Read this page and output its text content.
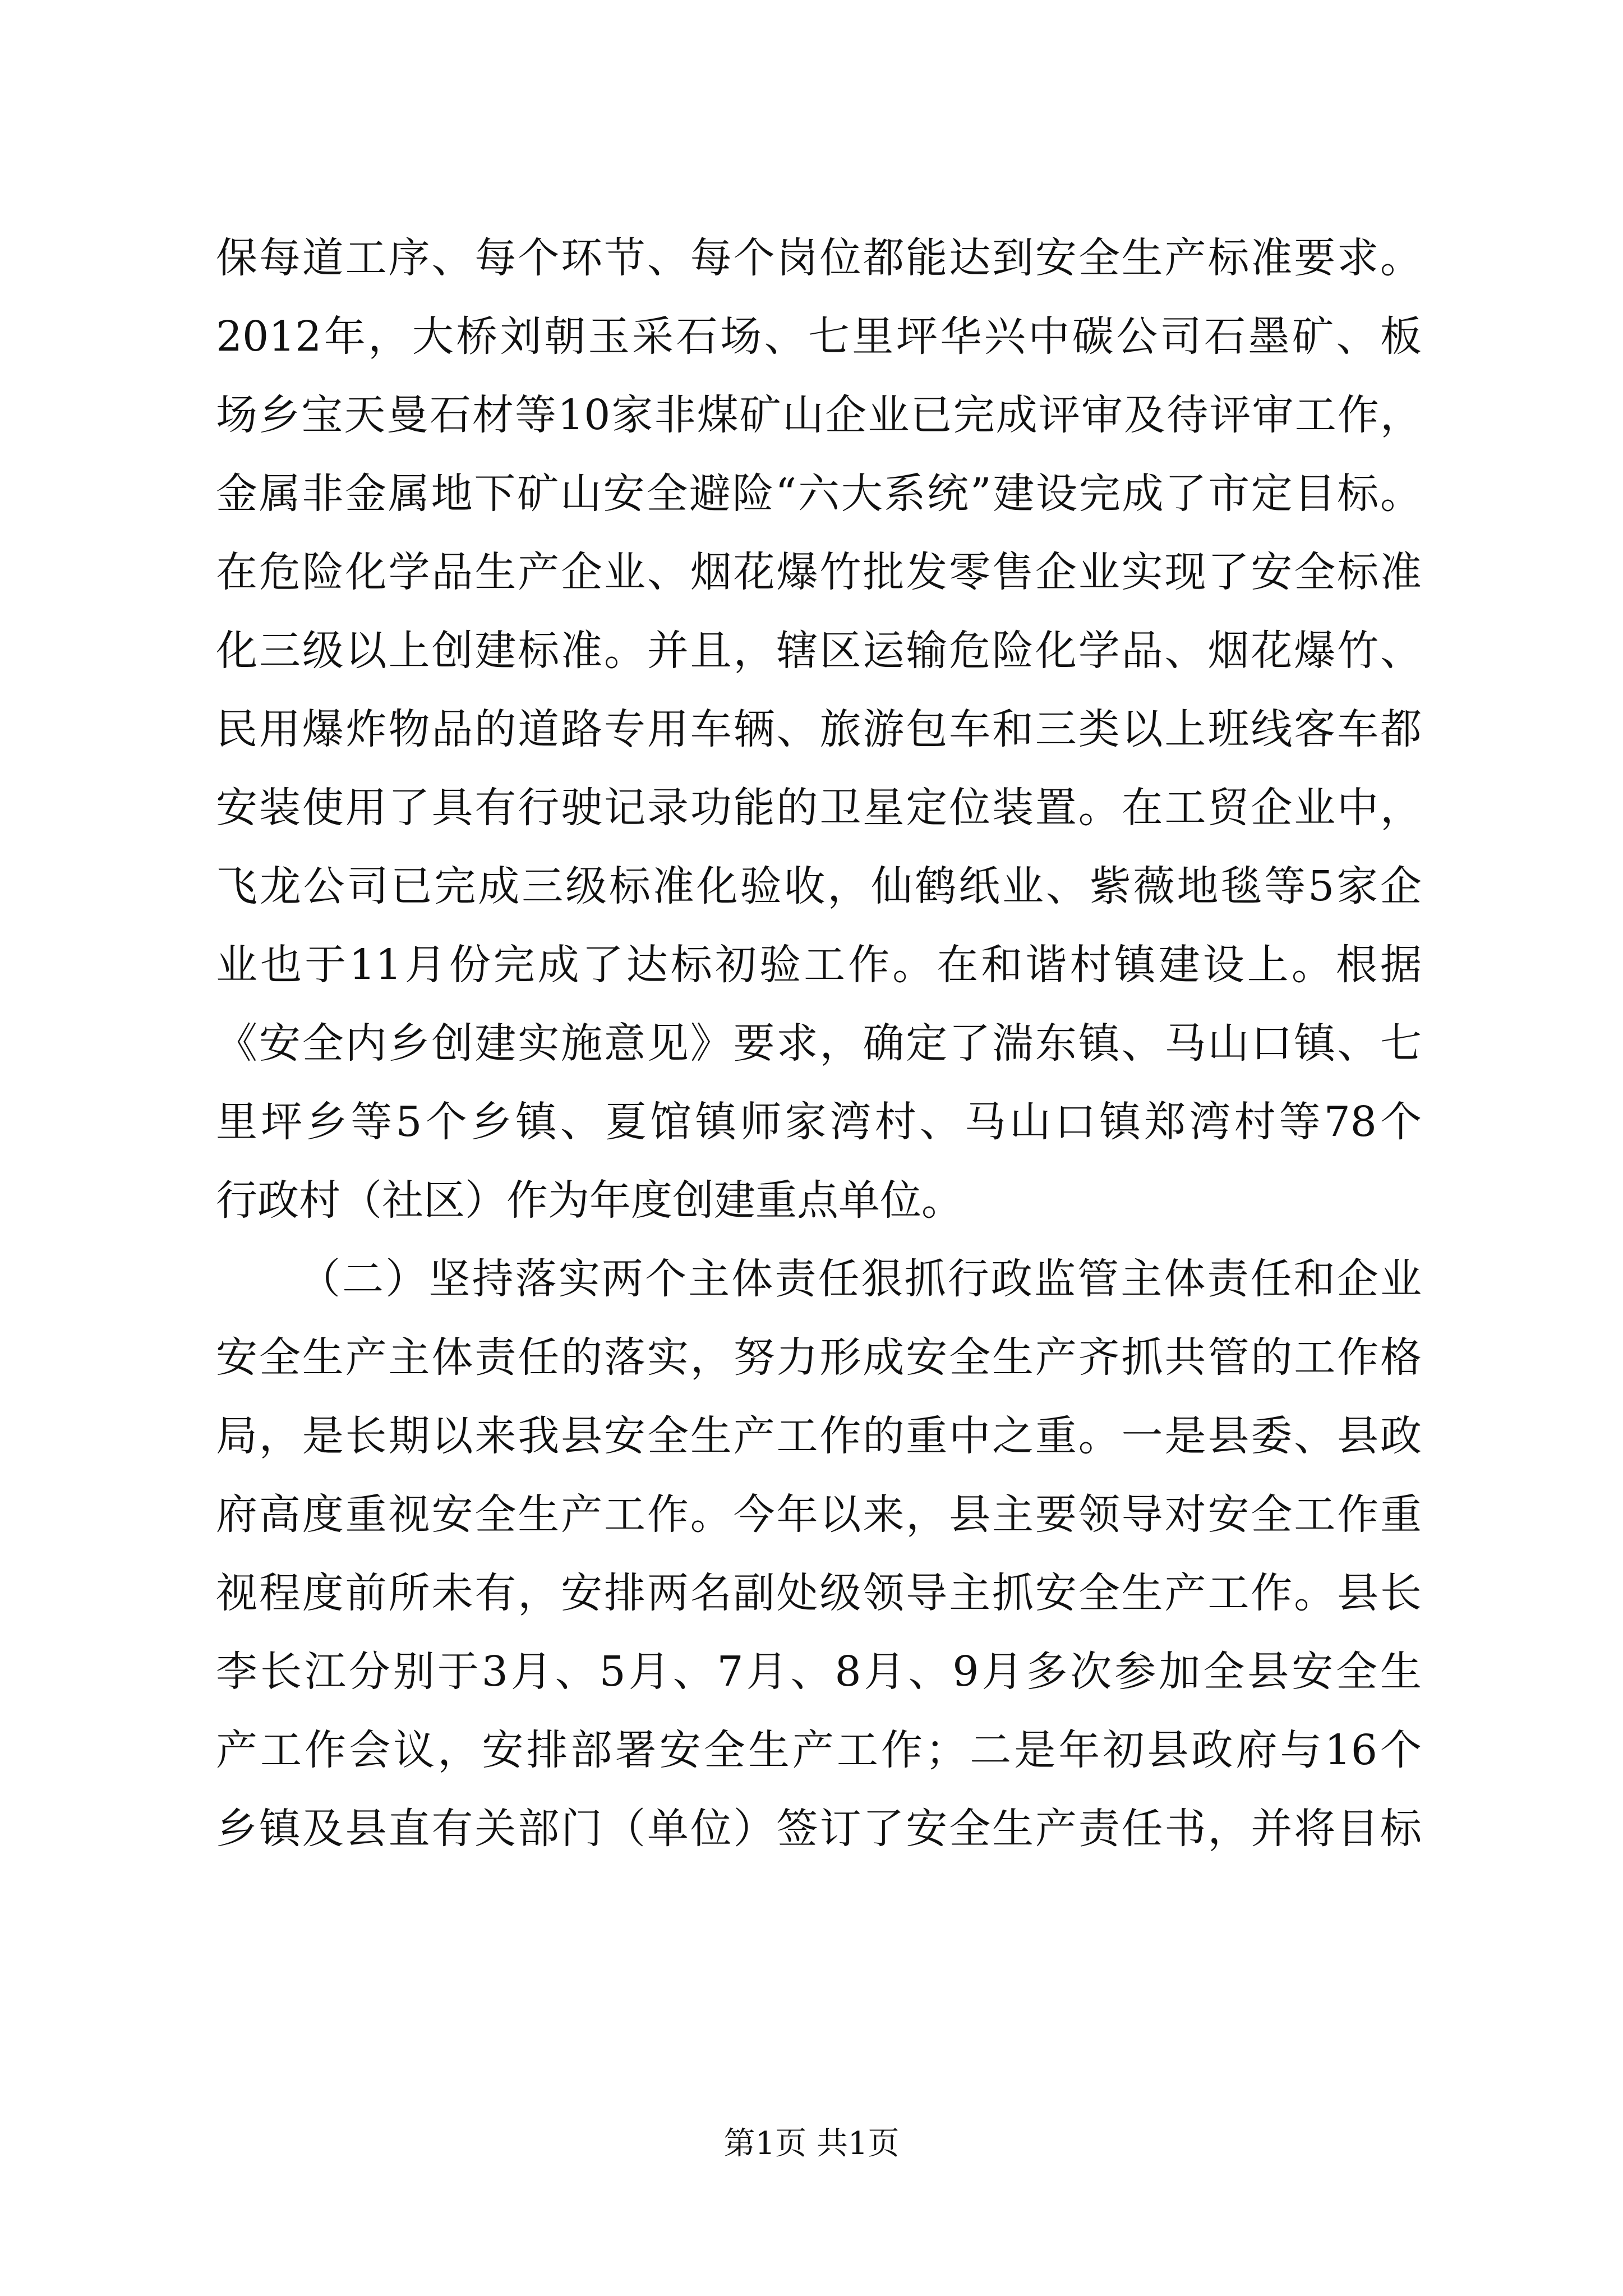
保每道工序、每个环节、每个岗位都能达到安全生产标准要求。
2012年，大桥刘朝玉采石场、七里坪华兴中碳公司石墨矿、板
场乡宝天曼石材等10家非煤矿山企业已完成评审及待评审工作，
金属非金属地下矿山安全避险“六大系统”建设完成了市定目标。
在危险化学品生产企业、烟花爆竹批发零售企业实现了安全标准
化三级以上创建标准。并且，辖区运输危险化学品、烟花爆竹、
民用爆炸物品的道路专用车辆、旅游包车和三类以上班线客车都
安装使用了具有行驶记录功能的卫星定位装置。在工贸企业中，
飞龙公司已完成三级标准化验收，仙鹤纸业、紫薇地毯等5家企
业也于11月份完成了达标初验工作。在和谐村镇建设上。根据
《安全内乡创建实施意见》要求，确定了湍东镇、马山口镇、七
里坪乡等5个乡镇、夏馆镇师家湾村、马山口镇郑湾村等78个
行政村（社区）作为年度创建重点单位。
（二）坚持落实两个主体责任狠抓行政监管主体责任和企业
安全生产主体责任的落实，努力形成安全生产齐抓共管的工作格
局，是长期以来我县安全生产工作的重中之重。一是县委、县政
府高度重视安全生产工作。今年以来，县主要领导对安全工作重
视程度前所未有，安排两名副处级领导主抓安全生产工作。县长
李长江分别于3月、5月、7月、8月、9月多次参加全县安全生
产工作会议，安排部署安全生产工作；二是年初县政府与16个
乡镇及县直有关部门（单位）签订了安全生产责任书，并将目标
第1页 共1页
